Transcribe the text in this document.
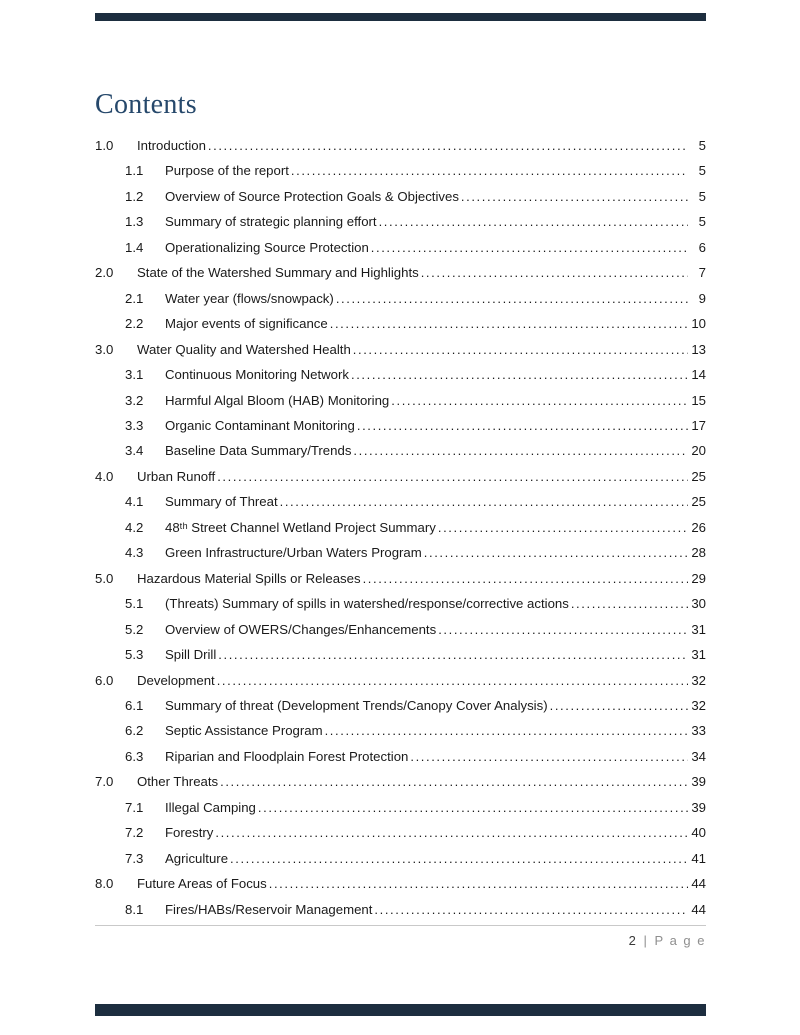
Contents
1.0	Introduction .....	5
1.1	Purpose of the report .....	5
1.2	Overview of Source Protection Goals & Objectives .....	5
1.3	Summary of strategic planning effort .....	5
1.4	Operationalizing Source Protection .....	6
2.0	State of the Watershed Summary and Highlights .....	7
2.1	Water year (flows/snowpack) .....	9
2.2	Major events of significance .....	10
3.0	Water Quality and Watershed Health .....	13
3.1	Continuous Monitoring Network .....	14
3.2	Harmful Algal Bloom (HAB) Monitoring .....	15
3.3	Organic Contaminant Monitoring .....	17
3.4	Baseline Data Summary/Trends .....	20
4.0	Urban Runoff .....	25
4.1	Summary of Threat .....	25
4.2	48ᵗʰ Street Channel Wetland Project Summary .....	26
4.3	Green Infrastructure/Urban Waters Program .....	28
5.0	Hazardous Material Spills or Releases .....	29
5.1	(Threats) Summary of spills in watershed/response/corrective actions .....	30
5.2	Overview of OWERS/Changes/Enhancements .....	31
5.3	Spill Drill .....	31
6.0	Development .....	32
6.1	Summary of threat (Development Trends/Canopy Cover Analysis) .....	32
6.2	Septic Assistance Program .....	33
6.3	Riparian and Floodplain Forest Protection .....	34
7.0	Other Threats .....	39
7.1	Illegal Camping .....	39
7.2	Forestry .....	40
7.3	Agriculture .....	41
8.0	Future Areas of Focus .....	44
8.1	Fires/HABs/Reservoir Management .....	44
2 | P a g e
